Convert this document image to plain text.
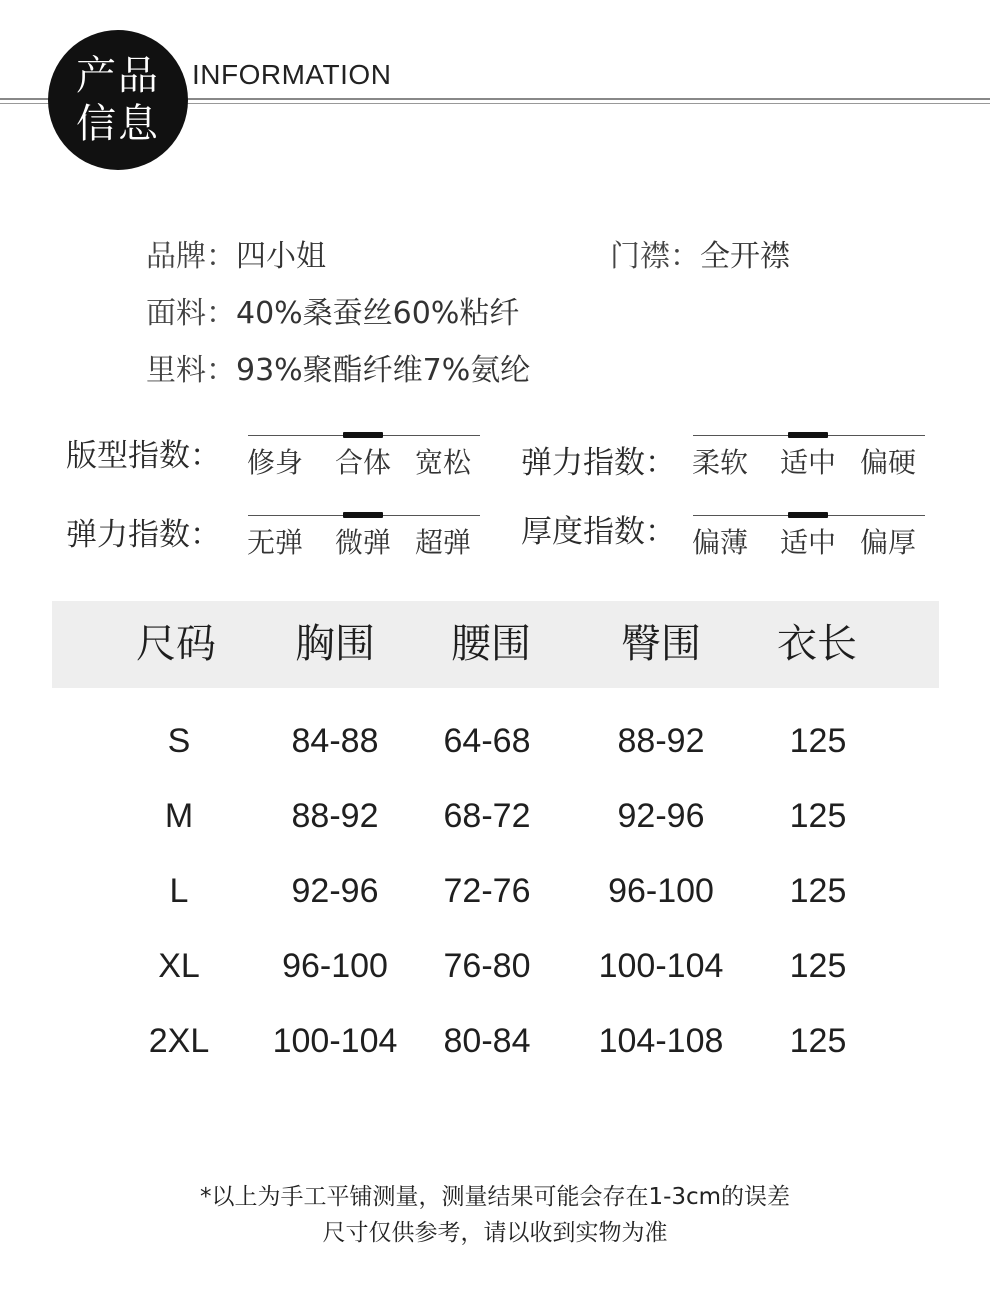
产品
信息
INFORMATION
品牌：四小姐	门襟：全开襟
面料：40%桑蚕丝60%粘纤
里料：93%聚酯纤维7%氨纶
版型指数： 修身 合体 宽松 弹力指数： 柔软 适中 偏硬
弹力指数： 无弹 微弹 超弹 厚度指数： 偏薄 适中 偏厚
尺码	胸围	腰围	臀围	衣长
S	84-88	64-68	88-92	125
M	88-92	68-72	92-96	125
L	92-96	72-76	96-100	125
XL	96-100	76-80	100-104	125
2XL	100-104	80-84	104-108	125
*以上为手工平铺测量，测量结果可能会存在1-3cm的误差
尺寸仅供参考，请以收到实物为准
